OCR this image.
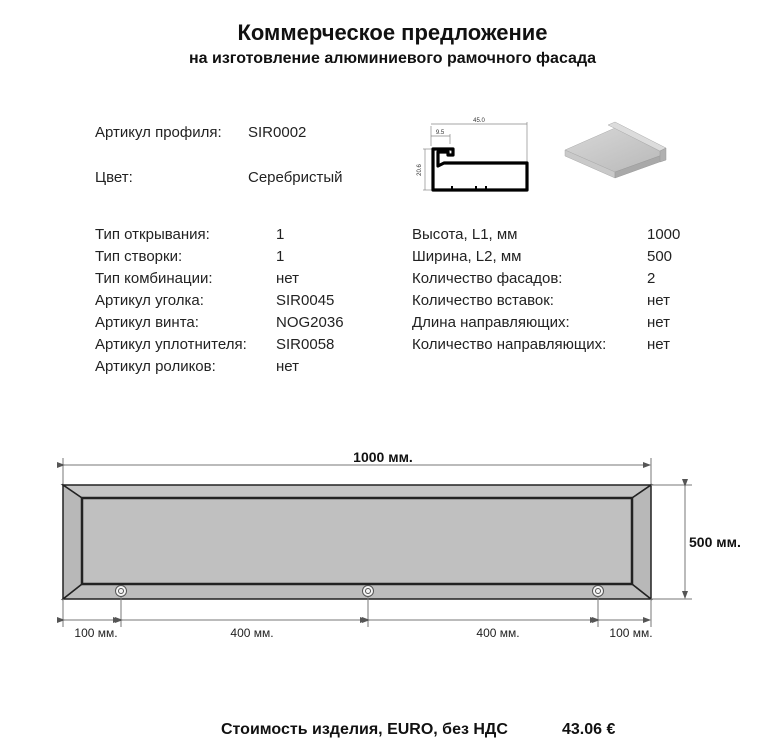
Коммерческое предложение
на изготовление алюминиевого рамочного фасада
Артикул профиля: SIR0002
Цвет:	Серебристый
45.0
9.5
20.6
Тип открывания:	1
Тип створки:	1
Тип комбинации:	нет
Артикул уголка:	SIR0045
Артикул винта:	NOG2036
Артикул уплотнителя: SIR0058
Артикул роликов:	нет
Высота, L1, мм	1000
Ширина, L2, мм	500
Количество фасадов:	2
Количество вставок:	нет
Длина направляющих:	нет
Количество направляющих:	нет
1000 мм.
500 мм.
100 мм.	400 мм.	400 мм.	100 мм.
Стоимость изделия, EURO, без НДС	43.06 €
